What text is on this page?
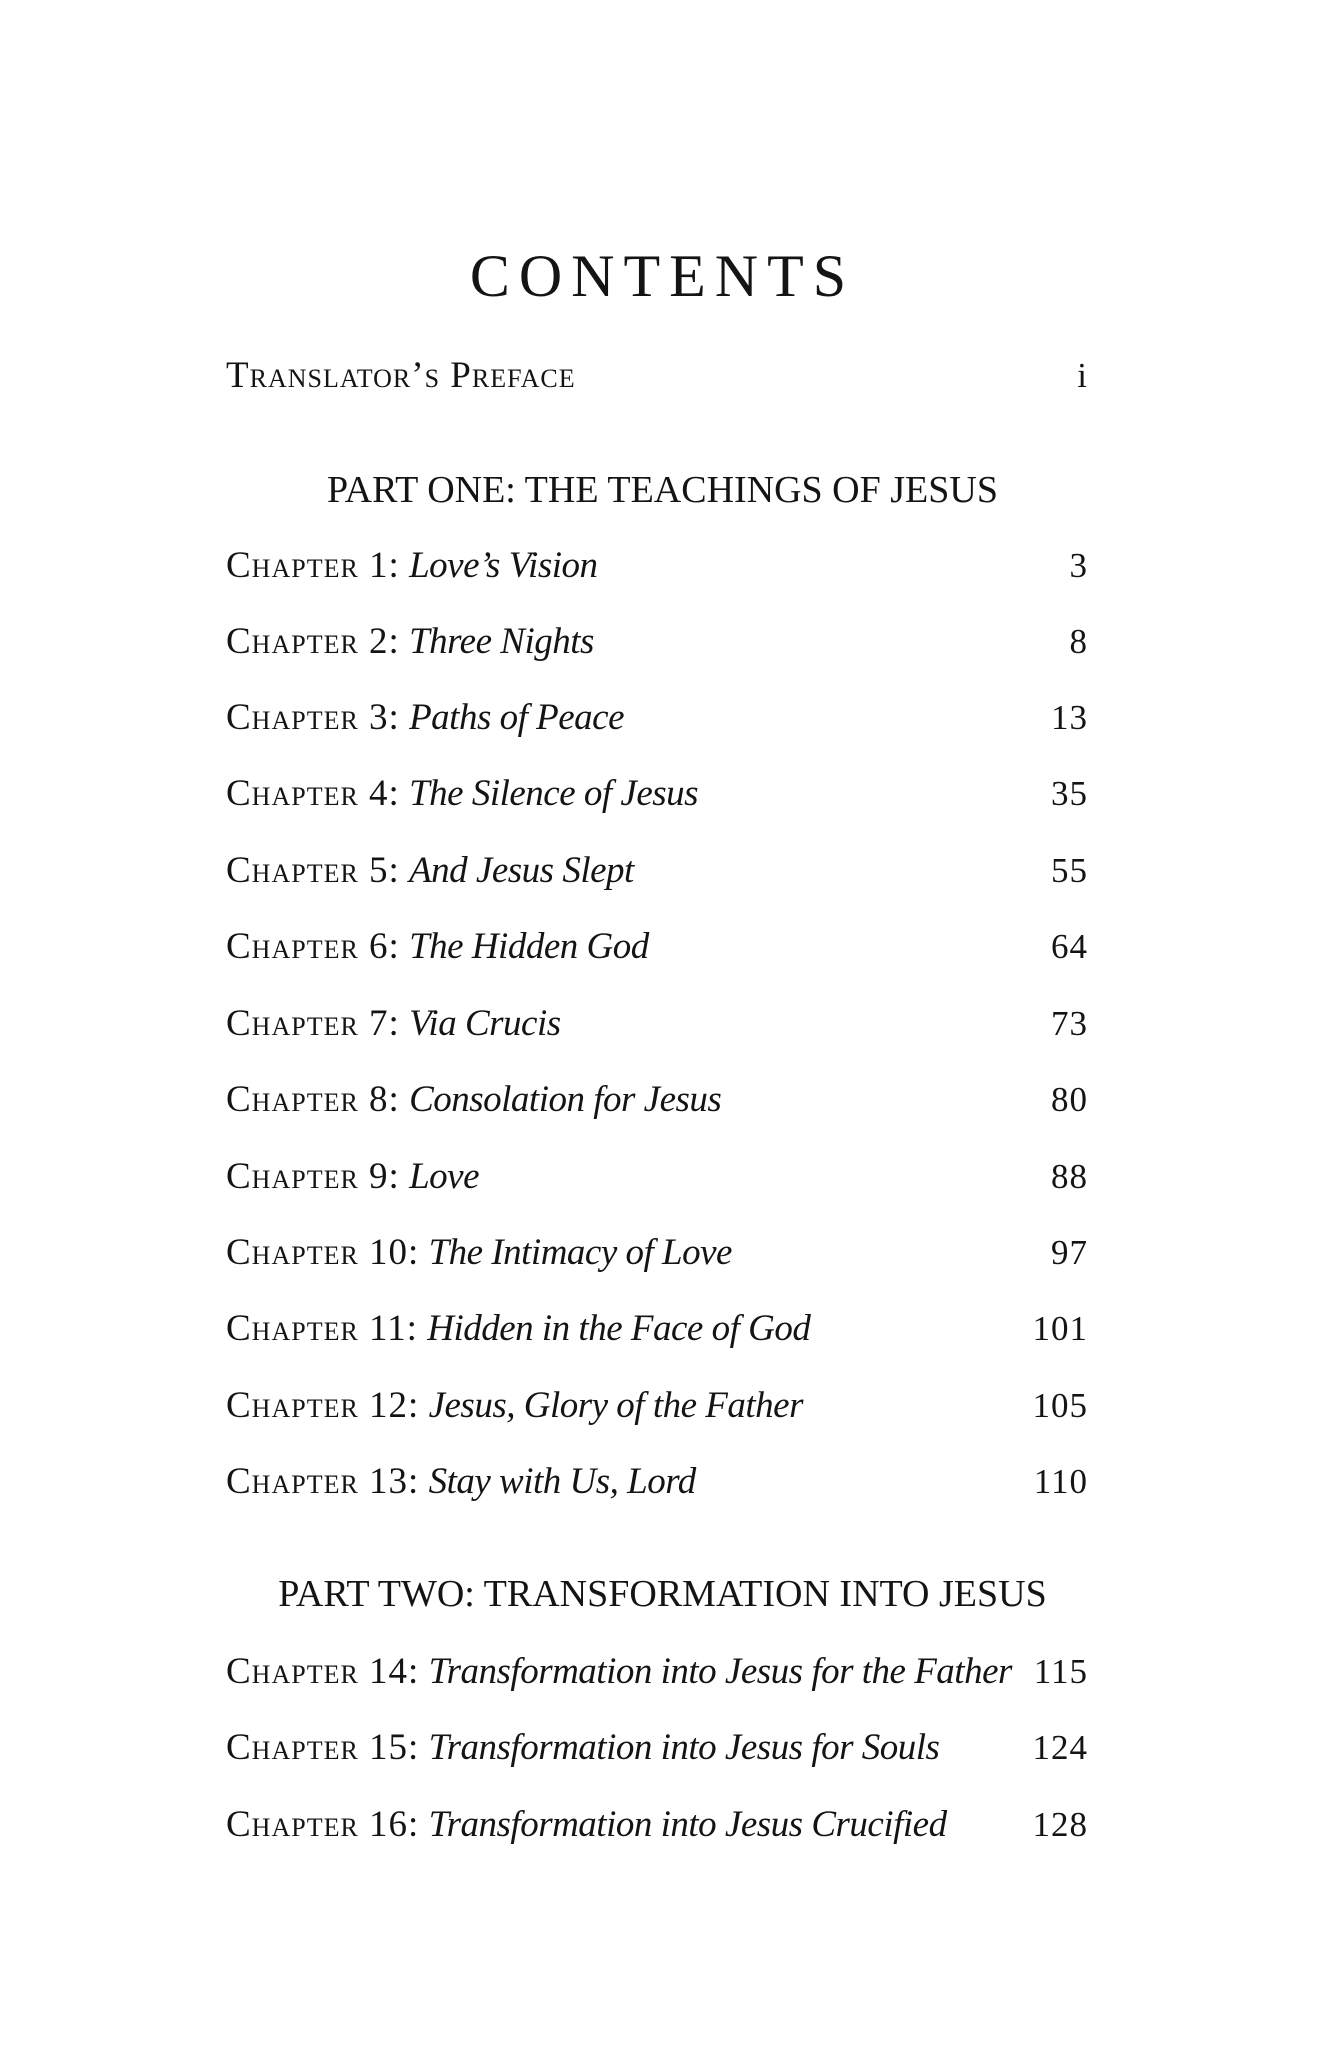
CONTENTS
Translator’s Preface	i
PART ONE: THE TEACHINGS OF JESUS
Chapter 1: Love’s Vision	3
Chapter 2: Three Nights	8
Chapter 3: Paths of Peace	13
Chapter 4: The Silence of Jesus	35
Chapter 5: And Jesus Slept	55
Chapter 6: The Hidden God	64
Chapter 7: Via Crucis	73
Chapter 8: Consolation for Jesus	80
Chapter 9: Love	88
Chapter 10: The Intimacy of Love	97
Chapter 11: Hidden in the Face of God	101
Chapter 12: Jesus, Glory of the Father	105
Chapter 13: Stay with Us, Lord	110
PART TWO: TRANSFORMATION INTO JESUS
Chapter 14: Transformation into Jesus for the Father 115
Chapter 15: Transformation into Jesus for Souls	124
Chapter 16: Transformation into Jesus Crucified 128
